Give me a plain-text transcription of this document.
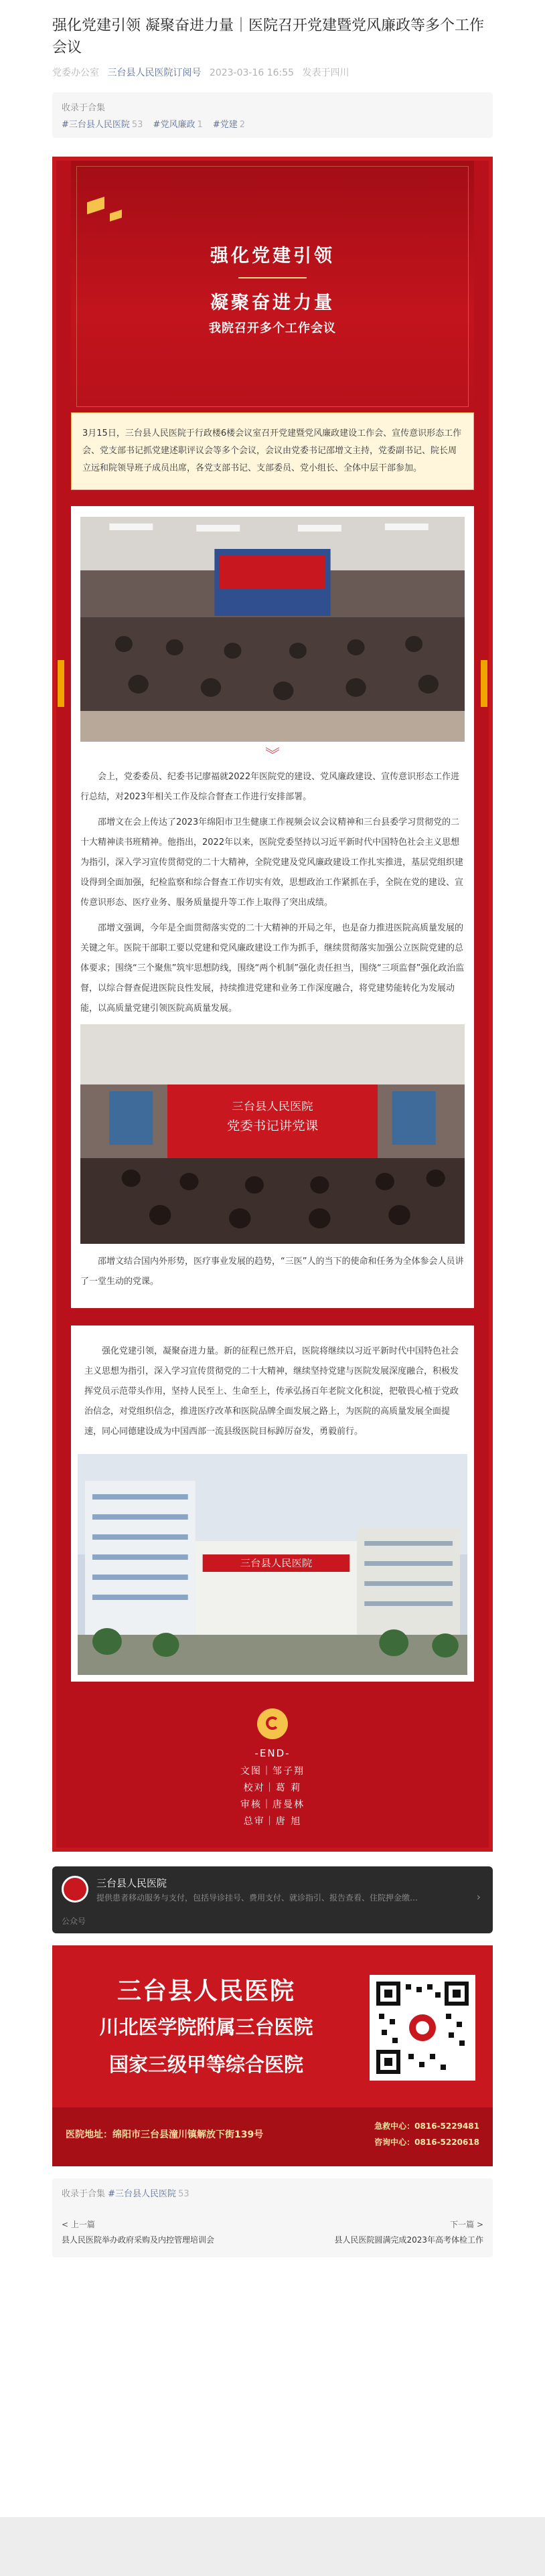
强化党建引领 凝聚奋进力量｜医院召开党建暨党风廉政等多个工作会议
党委办公室 三台县人民医院订阅号 2023-03-16 16:55 发表于四川
收录于合集
#三台县人民医院 53 #党风廉政 1 #党建 2
强化党建引领
凝聚奋进力量
我院召开多个工作会议
3月15日，三台县人民医院于行政楼6楼会议室召开党建暨党风廉政建设工作会、宣传意识形态工作会、党支部书记抓党建述职评议会等多个会议，会议由党委书记邵增文主持，党委副书记、院长周立远和院领导班子成员出席，各党支部书记、支部委员、党小组长、全体中层干部参加。
︾

会上，党委委员、纪委书记廖福就2022年医院党的建设、党风廉政建设、宣传意识形态工作进行总结，对2023年相关工作及综合督查工作进行安排部署。

邵增文在会上传达了2023年绵阳市卫生健康工作视频会议会议精神和三台县委学习贯彻党的二十大精神读书班精神。他指出，2022年以来，医院党委坚持以习近平新时代中国特色社会主义思想为指引，深入学习宣传贯彻党的二十大精神，全院党建及党风廉政建设工作扎实推进，基层党组织建设得到全面加强，纪检监察和综合督查工作切实有效，思想政治工作紧抓在手，全院在党的建设、宣传意识形态、医疗业务、服务质量提升等工作上取得了突出成绩。

邵增文强调，今年是全面贯彻落实党的二十大精神的开局之年，也是奋力推进医院高质量发展的关键之年。医院干部职工要以党建和党风廉政建设工作为抓手，继续贯彻落实加强公立医院党建的总体要求；围绕“三个聚焦”筑牢思想防线，围绕“两个机制”强化责任担当，围绕“三项监督”强化政治监督，以综合督查促进医院良性发展，持续推进党建和业务工作深度融合，将党建势能转化为发展动能，以高质量党建引领医院高质量发展。

三台县人民医院
党委书记讲党课

邵增文结合国内外形势，医疗事业发展的趋势，“三医”人的当下的使命和任务为全体参会人员讲了一堂生动的党课。

强化党建引领，凝聚奋进力量。新的征程已然开启，医院将继续以习近平新时代中国特色社会主义思想为指引，深入学习宣传贯彻党的二十大精神，继续坚持党建与医院发展深度融合，积极发挥党员示范带头作用，坚持人民至上、生命至上，传承弘扬百年老院文化积淀，把敬畏心植于党政治信念，对党组织信念，推进医疗改革和医院品牌全面发展之路上，为医院的高质量发展全面提速，同心同德建设成为中国西部一流县级医院目标踔厉奋发，勇毅前行。

三台县人民医院
-END-
文图｜邹子翔
校对｜葛 莉
审核｜唐曼林
总审｜唐 旭
三台县人民医院
提供患者移动服务与支付，包括导诊挂号、费用支付、就诊指引、报告查看、住院押金缴…	›
公众号
三台县人民医院
川北医学院附属三台医院
国家三级甲等综合医院
医院地址：绵阳市三台县潼川镇解放下街139号
急救中心：0816-5229481
咨询中心：0816-5220618
收录于合集 #三台县人民医院 53
< 上一篇
县人民医院举办政府采购及内控管理培训会
下一篇 >
县人民医院圆满完成2023年高考体检工作
